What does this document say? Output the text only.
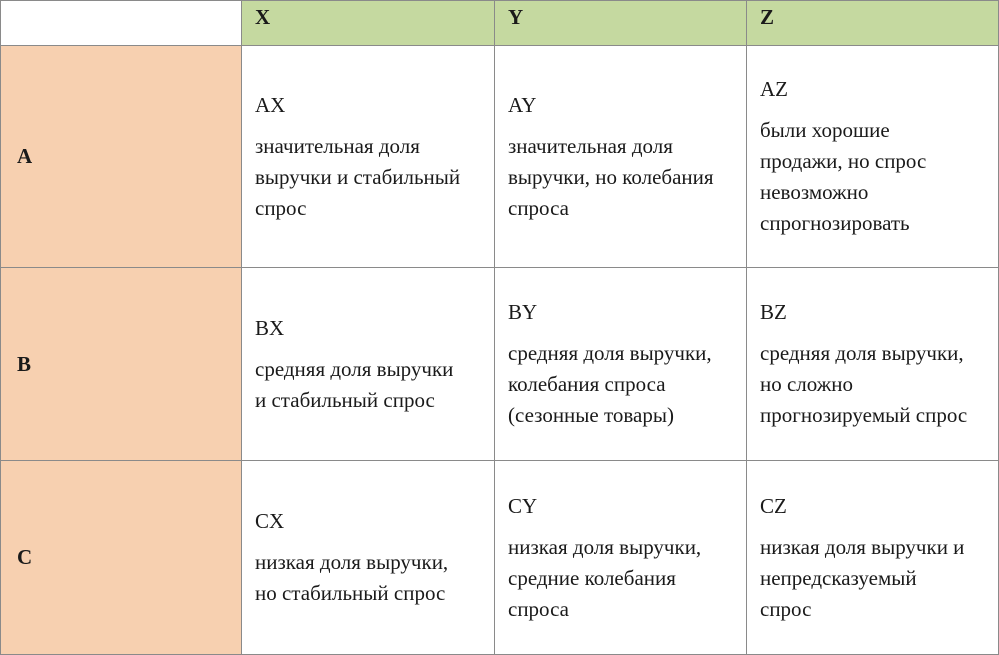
X	Y	Z
A
AX
значительная доля
выручки и стабильный
спрос
AY
значительная доля
выручки, но колебания
спроса
AZ
были хорошие
продажи, но спрос
невозможно
спрогнозировать
B
BX
средняя доля выручки
и стабильный спрос
BY
средняя доля выручки,
колебания спроса
(сезонные товары)
BZ
средняя доля выручки,
но сложно
прогнозируемый спрос
C
CX
низкая доля выручки,
но стабильный спрос
CY
низкая доля выручки,
средние колебания
спроса
CZ
низкая доля выручки и
непредсказуемый
спрос
